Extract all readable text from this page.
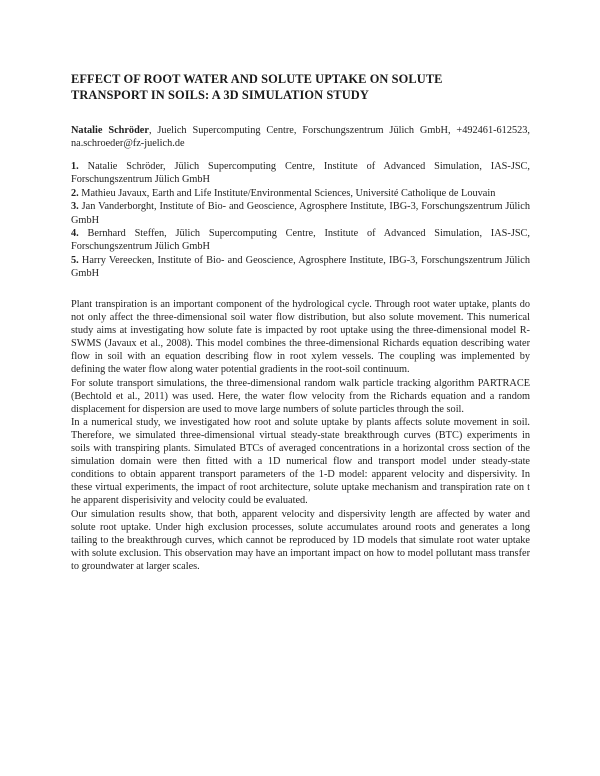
EFFECT OF ROOT WATER AND SOLUTE UPTAKE ON SOLUTE
TRANSPORT IN SOILS: A 3D SIMULATION STUDY
Natalie Schröder, Juelich Supercomputing Centre, Forschungszentrum Jülich GmbH, +492461-612523, na.schroeder@fz-juelich.de
1. Natalie Schröder, Jülich Supercomputing Centre, Institute of Advanced Simulation, IAS-JSC, Forschungszentrum Jülich GmbH
2. Mathieu Javaux, Earth and Life Institute/Environmental Sciences, Université Catholique de Louvain
3. Jan Vanderborght, Institute of Bio- and Geoscience, Agrosphere Institute, IBG-3, Forschungszentrum Jülich GmbH
4. Bernhard Steffen, Jülich Supercomputing Centre, Institute of Advanced Simulation, IAS-JSC, Forschungszentrum Jülich GmbH
5. Harry Vereecken, Institute of Bio- and Geoscience, Agrosphere Institute, IBG-3, Forschungszentrum Jülich GmbH

Plant transpiration is an important component of the hydrological cycle. Through root water uptake, plants do not only affect the three-dimensional soil water flow distribution, but also solute movement. This numerical study aims at investigating how solute fate is impacted by root uptake using the three-dimensional model R-SWMS (Javaux et al., 2008). This model combines the three-dimensional Richards equation describing water flow in soil with an equation describing flow in root xylem vessels. The coupling was implemented by defining the water flow along water potential gradients in the root-soil continuum.

For solute transport simulations, the three-dimensional random walk particle tracking algorithm PARTRACE (Bechtold et al., 2011) was used. Here, the water flow velocity from the Richards equation and a random displacement for dispersion are used to move large numbers of solute particles through the soil.

In a numerical study, we investigated how root and solute uptake by plants affects solute movement in soil. Therefore, we simulated three-dimensional virtual steady-state breakthrough curves (BTC) experiments in soils with transpiring plants. Simulated BTCs of averaged concentrations in a horizontal cross section of the simulation domain were then fitted with a 1D numerical flow and transport model under steady-state conditions to obtain apparent transport parameters of the 1-D model: apparent velocity and dispersivity. In these virtual experiments, the impact of root architecture, solute uptake mechanism and transpiration rate on t he apparent disperisivity and velocity could be evaluated.

Our simulation results show, that both, apparent velocity and dispersivity length are affected by water and solute root uptake. Under high exclusion processes, solute accumulates around roots and generates a long tailing to the breakthrough curves, which cannot be reproduced by 1D models that simulate root water uptake with solute exclusion. This observation may have an important impact on how to model pollutant mass transfer to groundwater at larger scales.
